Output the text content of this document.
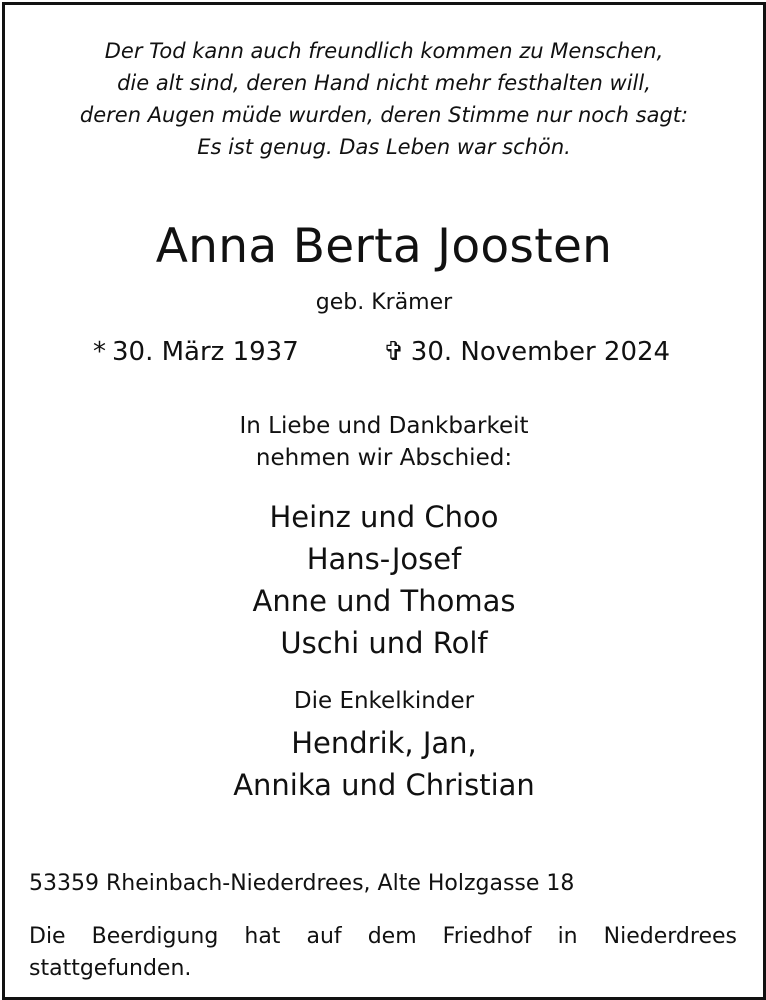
Der Tod kann auch freundlich kommen zu Menschen,
die alt sind, deren Hand nicht mehr festhalten will,
deren Augen müde wurden, deren Stimme nur noch sagt:
Es ist genug. Das Leben war schön.
Anna Berta Joosten
geb. Krämer
* 30. März 1937	✞ 30. November 2024
In Liebe und Dankbarkeit
nehmen wir Abschied:
Heinz und Choo
Hans-Josef
Anne und Thomas
Uschi und Rolf
Die Enkelkinder
Hendrik, Jan,
Annika und Christian
53359 Rheinbach-Niederdrees, Alte Holzgasse 18
Die Beerdigung hat auf dem Friedhof in Niederdrees
stattgefunden.
